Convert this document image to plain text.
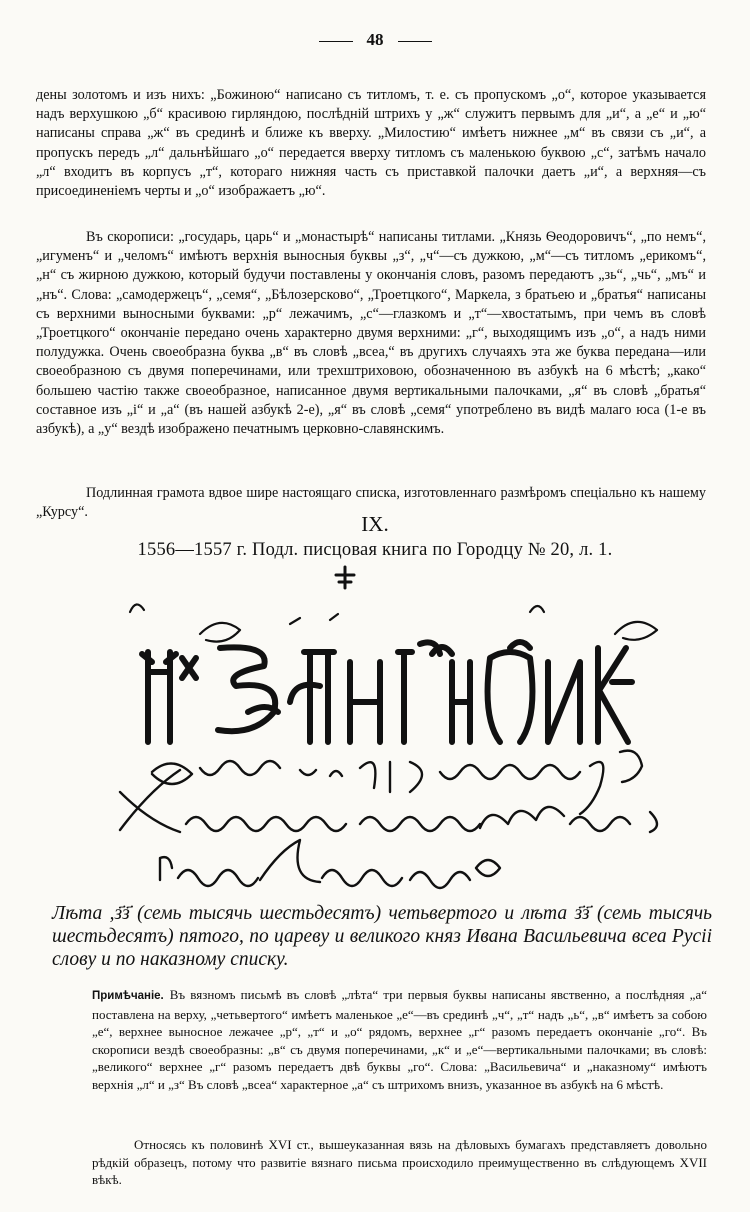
48

дены золотомъ и изъ нихъ: „Божиною“ написано съ титломъ, т. е. съ пропускомъ „о“, которое указывается надъ верхушкою „б“ красивою гирляндою, послѣдній штрихъ у „ж“ служитъ первымъ для „и“, а „е“ и „ю“ написаны справа „ж“ въ срединѣ и ближе къ вверху. „Милостию“ имѣетъ нижнее „м“ въ связи съ „и“, а пропускъ передъ „л“ дальнѣйшаго „о“ передается вверху титломъ съ маленькою буквою „с“, затѣмъ начало „л“ входитъ въ корпусъ „т“, котораго нижняя часть съ приставкой палочки даетъ „и“, а верхняя—съ присоединенiемъ черты и „о“ изображаетъ „ю“.

Въ скорописи: „государь, царь“ и „монастырѣ“ написаны титлами. „Князь Ѳеодоровичъ“, „по немъ“, „игуменъ“ и „челомъ“ имѣютъ верхнія выносныя буквы „з“, „ч“—съ дужкою, „м“—съ титломъ „ерикомъ“, „н“ съ жирною дужкою, который будучи поставлены у окончанія словъ, разомъ передаютъ „зь“, „чь“, „мъ“ и „нъ“. Слова: „самодержецъ“, „семя“, „Бѣлозерсково“, „Троетцкого“, Маркела, з братьею и „братья“ написаны съ верхними выносными буквами: „р“ лежачимъ, „с“—глазкомъ и „т“—хвостатымъ, при чемъ въ словѣ „Троетцкого“ окончаніе передано очень характерно двумя верхними: „г“, выходящимъ изъ „о“, а надъ ними полудужка. Очень своеобразна буква „в“ въ словѣ „всеа,“ въ другихъ случаяхъ эта же буква передана—или своеобразною съ двумя поперечинами, или трехштриховою, обозначенною въ азбукѣ на 6 мѣстѣ; „како“ большею частію также своеобразное, написанное двумя вертикальными палочками, „я“ въ словѣ „братья“ составное изъ „і“ и „а“ (въ нашей азбукѣ 2-е), „я“ въ словѣ „семя“ употреблено въ видѣ малаго юса (1-е въ азбукѣ), а „у“ вездѣ изображено печатнымъ церковно-славянскимъ.

Подлинная грамота вдвое шире настоящаго списка, изготовленнаго размѣромъ спеціально къ нашему „Курсу“.	IX.
1556—1557 г. Подл. писцовая книга по Городцу № 20, л. 1.

Лѣта ,з҃з҃ (семь тысячь шестьдесятъ) четьвертого и лѣта з҃з҃ (семь тысячь шестьдесятъ) пятого, по цареву и великого княз Ивана Васильевича всеа Русіі слову и по наказному списку.

Примѣчаніе. Въ вязномъ письмѣ въ словѣ „лѣта“ три первыя буквы написаны явственно, а послѣдняя „а“ поставлена на верху, „четьвертого“ имѣетъ маленькое „е“—въ срединѣ „ч“, „т“ надъ „ь“, „в“ имѣетъ за собою „е“, верхнее выносное лежачее „р“, „т“ и „о“ рядомъ, верхнее „г“ разомъ передаетъ окончаніе „го“. Въ скорописи вездѣ своеобразны: „в“ съ двумя поперечинами, „к“ и „е“—вертикальными палочками; въ словѣ: „великого“ верхнее „г“ разомъ передаетъ двѣ буквы „го“. Слова: „Васильевича“ и „наказному“ имѣютъ верхнія „л“ и „з“ Въ словѣ „всеа“ характерное „а“ съ штрихомъ внизъ, указанное въ азбукѣ на 6 мѣстѣ.

Относясь къ половинѣ XVI ст., вышеуказанная вязь на дѣловыхъ бумагахъ представляетъ довольно рѣдкій образецъ, потому что развитіе вязнаго письма происходило преимущественно въ слѣдующемъ XVII вѣкѣ.
